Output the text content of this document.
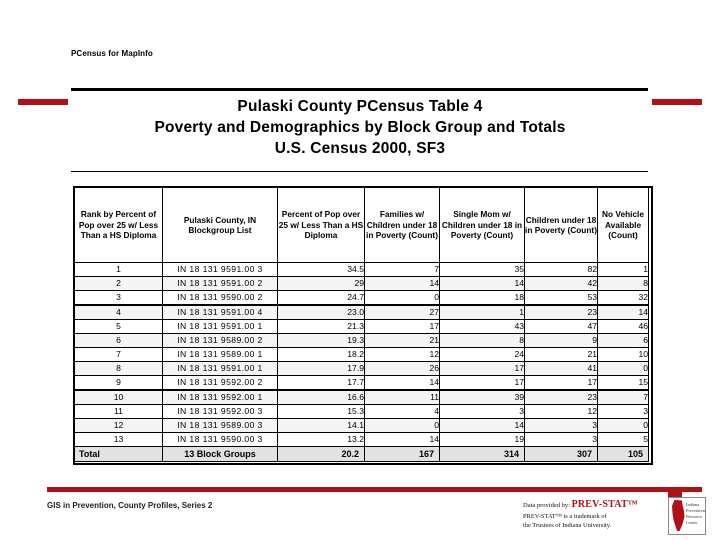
PCensus for MapInfo
Pulaski County PCensus Table 4
Poverty and Demographics by Block Group and Totals
U.S. Census 2000, SF3
Rank by Percent of Pop over 25 w/ Less Than a HS Diploma	Pulaski County, IN Blockgroup List	Percent of Pop over 25 w/ Less Than a HS Diploma	Families w/ Children under 18 in Poverty (Count)	Single Mom w/ Children under 18 in Poverty (Count)	Children under 18 in Poverty (Count)	No Vehicle Available (Count)
1	IN 18 131 9591.00 3	34.5	7	35	82	1
2	IN 18 131 9591.00 2	29	14	14	42	8
3	IN 18 131 9590.00 2	24.7	0	18	53	32
4	IN 18 131 9591.00 4	23.0	27	1	23	14
5	IN 18 131 9591.00 1	21.3	17	43	47	46
6	IN 18 131 9589.00 2	19.3	21	8	9	6
7	IN 18 131 9589.00 1	18.2	12	24	21	10
8	IN 18 131 9591.00 1	17.9	26	17	41	0
9	IN 18 131 9592.00 2	17.7	14	17	17	15
10	IN 18 131 9592.00 1	16.6	11	39	23	7
11	IN 18 131 9592.00 3	15.3	4	3	12	3
12	IN 18 131 9589.00 3	14.1	0	14	3	0
13	IN 18 131 9590.00 3	13.2	14	19	3	5
Total	13 Block Groups	20.2	167	314	307	105
GIS in Prevention, County Profiles, Series 2	Data provided by: PREV-STAT™
PREV-STAT™ is a trademark of
the Trustees of Indiana University.
Indiana
Prevention
Resource
Center
